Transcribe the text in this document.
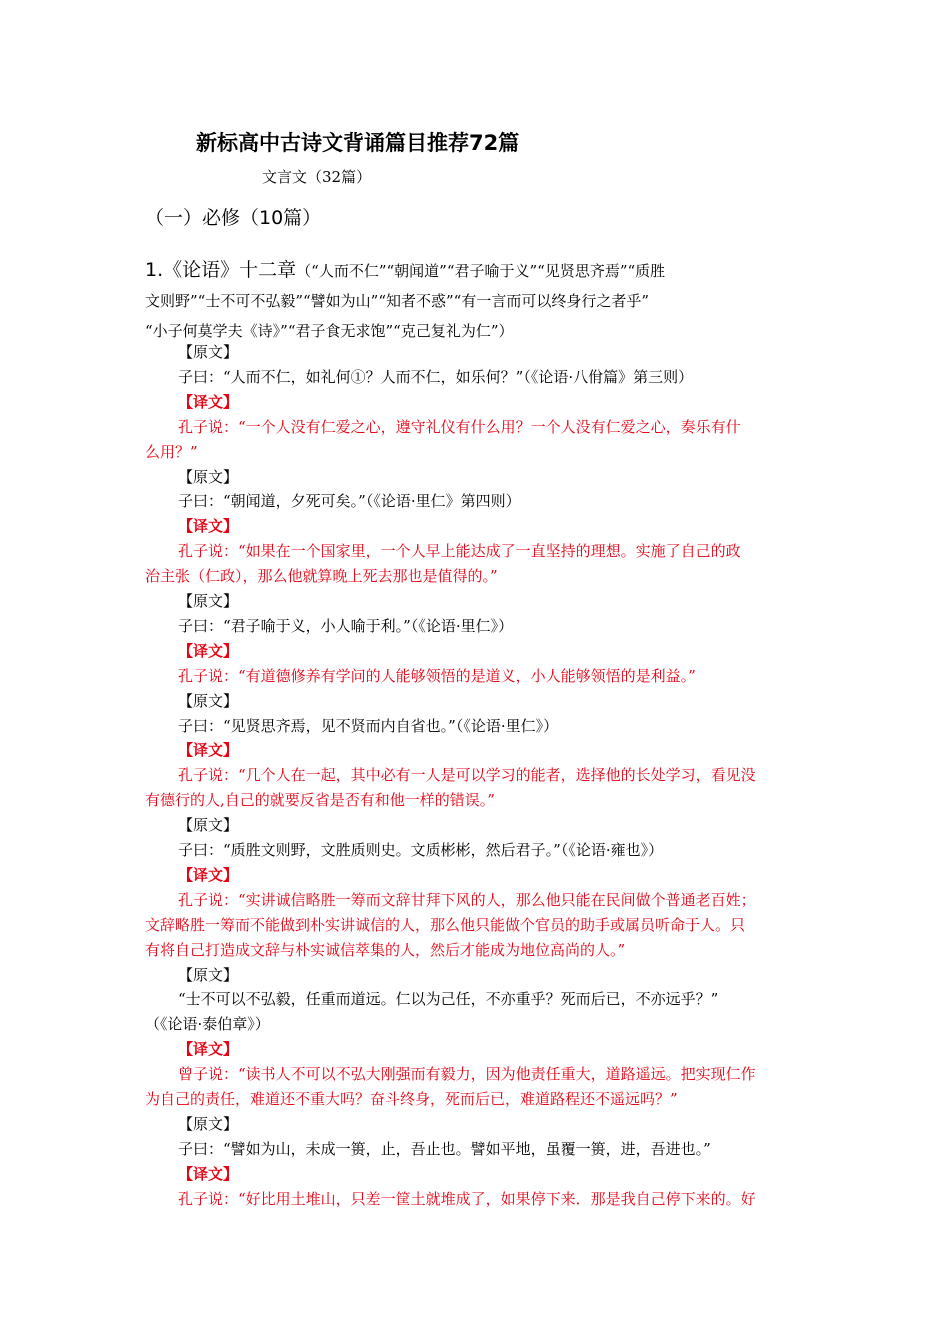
新标高中古诗文背诵篇目推荐72篇
文言文（32篇）
（一）必修（10篇）
1.《论语》十二章（“人而不仁”“朝闻道”“君子喻于义”“见贤思齐焉”“质胜
文则野”“士不可不弘毅”“譬如为山”“知者不惑”“有一言而可以终身行之者乎”
“小子何莫学夫《诗》”“君子食无求饱”“克己复礼为仁”）
【原文】
子曰：“人而不仁，如礼何①？人而不仁，如乐何？”（《论语·八佾篇》第三则）
【译文】
孔子说：“一个人没有仁爱之心，遵守礼仪有什么用？一个人没有仁爱之心，奏乐有什
么用？”
【原文】
子曰：“朝闻道，夕死可矣。”（《论语·里仁》第四则）
【译文】
孔子说：“如果在一个国家里，一个人早上能达成了一直坚持的理想。实施了自己的政
治主张（仁政），那么他就算晚上死去那也是值得的。”
【原文】
子曰：“君子喻于义，小人喻于利。”（《论语·里仁》）
【译文】
孔子说：“有道德修养有学问的人能够领悟的是道义，小人能够领悟的是利益。”
【原文】
子曰：“见贤思齐焉，见不贤而内自省也。”（《论语·里仁》）
【译文】
孔子说：“几个人在一起，其中必有一人是可以学习的能者，选择他的长处学习，看见没
有德行的人,自己的就要反省是否有和他一样的错误。”
【原文】
子曰：“质胜文则野，文胜质则史。文质彬彬，然后君子。”（《论语·雍也》）
【译文】
孔子说：“实讲诚信略胜一筹而文辞甘拜下风的人，那么他只能在民间做个普通老百姓；
文辞略胜一筹而不能做到朴实讲诚信的人，那么他只能做个官员的助手或属员听命于人。只
有将自己打造成文辞与朴实诚信萃集的人，然后才能成为地位高尚的人。”
【原文】
“士不可以不弘毅，任重而道远。仁以为己任，不亦重乎？死而后已，不亦远乎？”
（《论语·泰伯章》）
【译文】
曾子说：“读书人不可以不弘大刚强而有毅力，因为他责任重大，道路遥远。把实现仁作
为自己的责任，难道还不重大吗？奋斗终身，死而后已，难道路程还不遥远吗？”
【原文】
子曰：“譬如为山，未成一篑，止，吾止也。譬如平地，虽覆一篑，进，吾进也。”
【译文】
孔子说：“好比用土堆山，只差一筐土就堆成了，如果停下来．那是我自己停下来的。好
